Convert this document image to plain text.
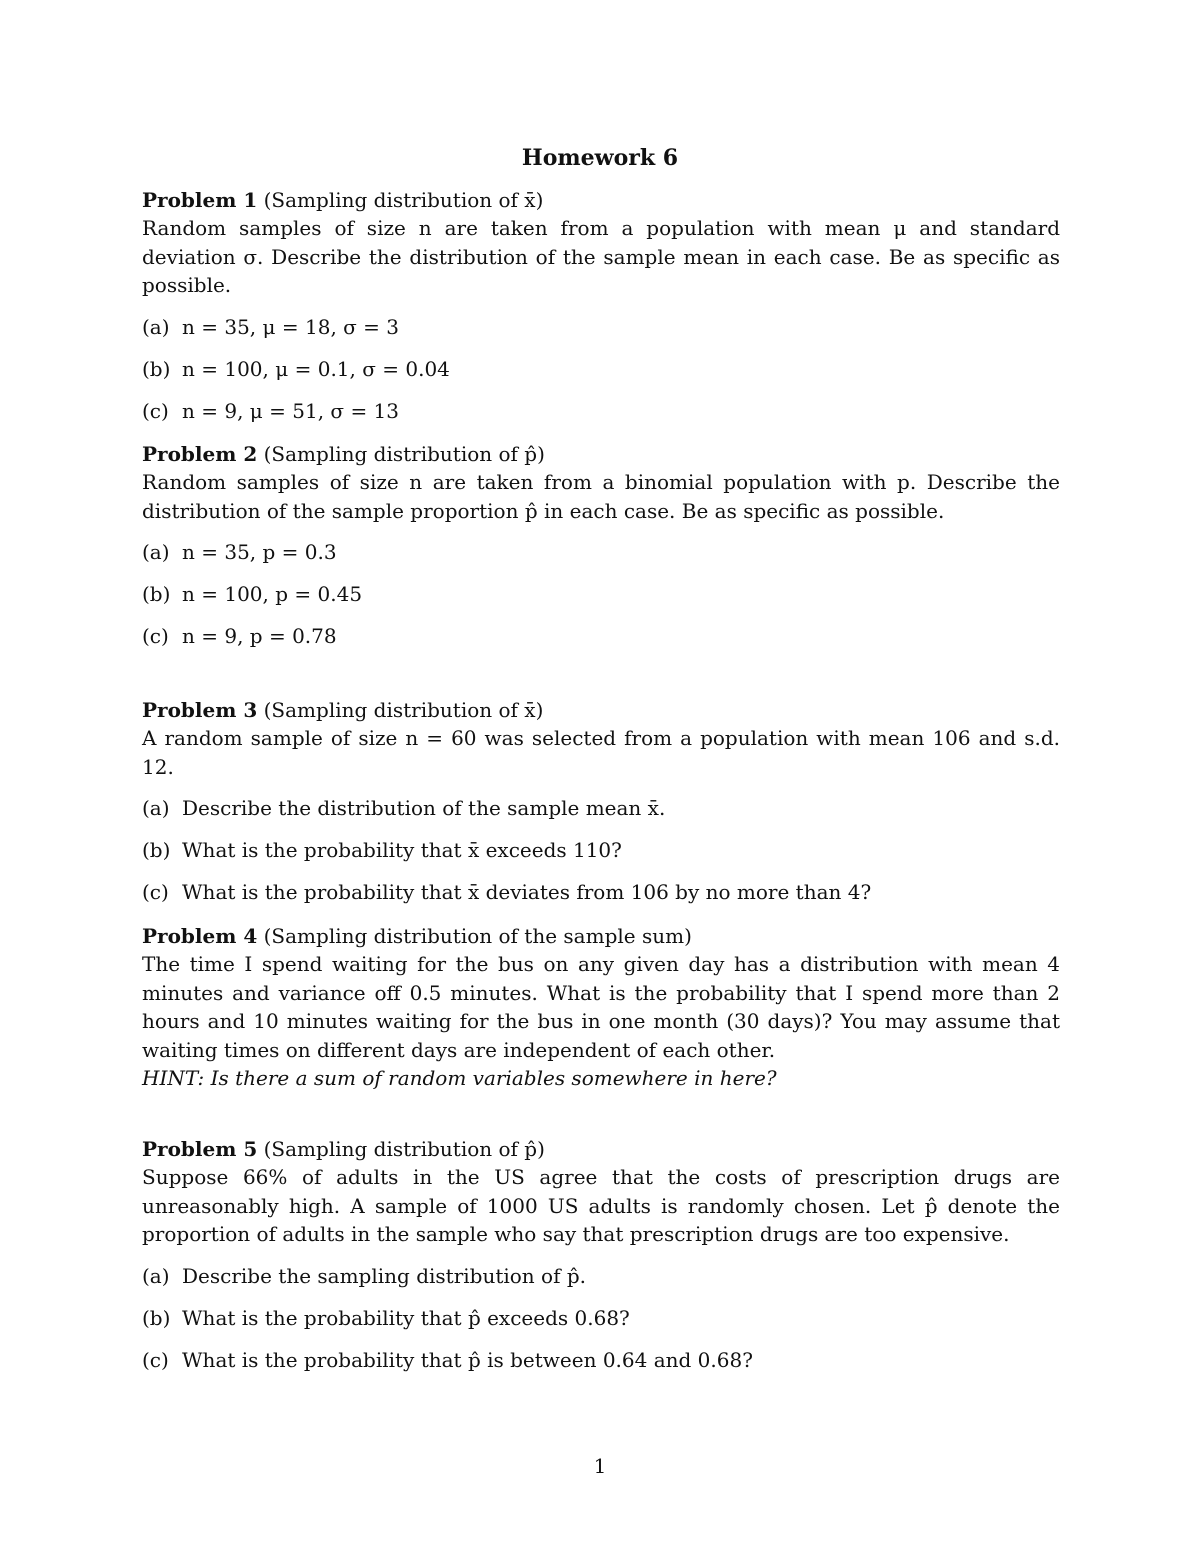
Homework 6
Problem 1 (Sampling distribution of x̄)
Random samples of size n are taken from a population with mean μ and standard deviation σ. Describe the distribution of the sample mean in each case. Be as specific as possible.
(a) n = 35, μ = 18, σ = 3
(b) n = 100, μ = 0.1, σ = 0.04
(c) n = 9, μ = 51, σ = 13
Problem 2 (Sampling distribution of p̂)
Random samples of size n are taken from a binomial population with p. Describe the distribution of the sample proportion p̂ in each case. Be as specific as possible.
(a) n = 35, p = 0.3
(b) n = 100, p = 0.45
(c) n = 9, p = 0.78
Problem 3 (Sampling distribution of x̄)
A random sample of size n = 60 was selected from a population with mean 106 and s.d. 12.
(a) Describe the distribution of the sample mean x̄.
(b) What is the probability that x̄ exceeds 110?
(c) What is the probability that x̄ deviates from 106 by no more than 4?
Problem 4 (Sampling distribution of the sample sum)
The time I spend waiting for the bus on any given day has a distribution with mean 4 minutes and variance off 0.5 minutes. What is the probability that I spend more than 2 hours and 10 minutes waiting for the bus in one month (30 days)? You may assume that waiting times on different days are independent of each other.
HINT: Is there a sum of random variables somewhere in here?
Problem 5 (Sampling distribution of p̂)
Suppose 66% of adults in the US agree that the costs of prescription drugs are unreasonably high. A sample of 1000 US adults is randomly chosen. Let p̂ denote the proportion of adults in the sample who say that prescription drugs are too expensive.
(a) Describe the sampling distribution of p̂.
(b) What is the probability that p̂ exceeds 0.68?
(c) What is the probability that p̂ is between 0.64 and 0.68?
1
